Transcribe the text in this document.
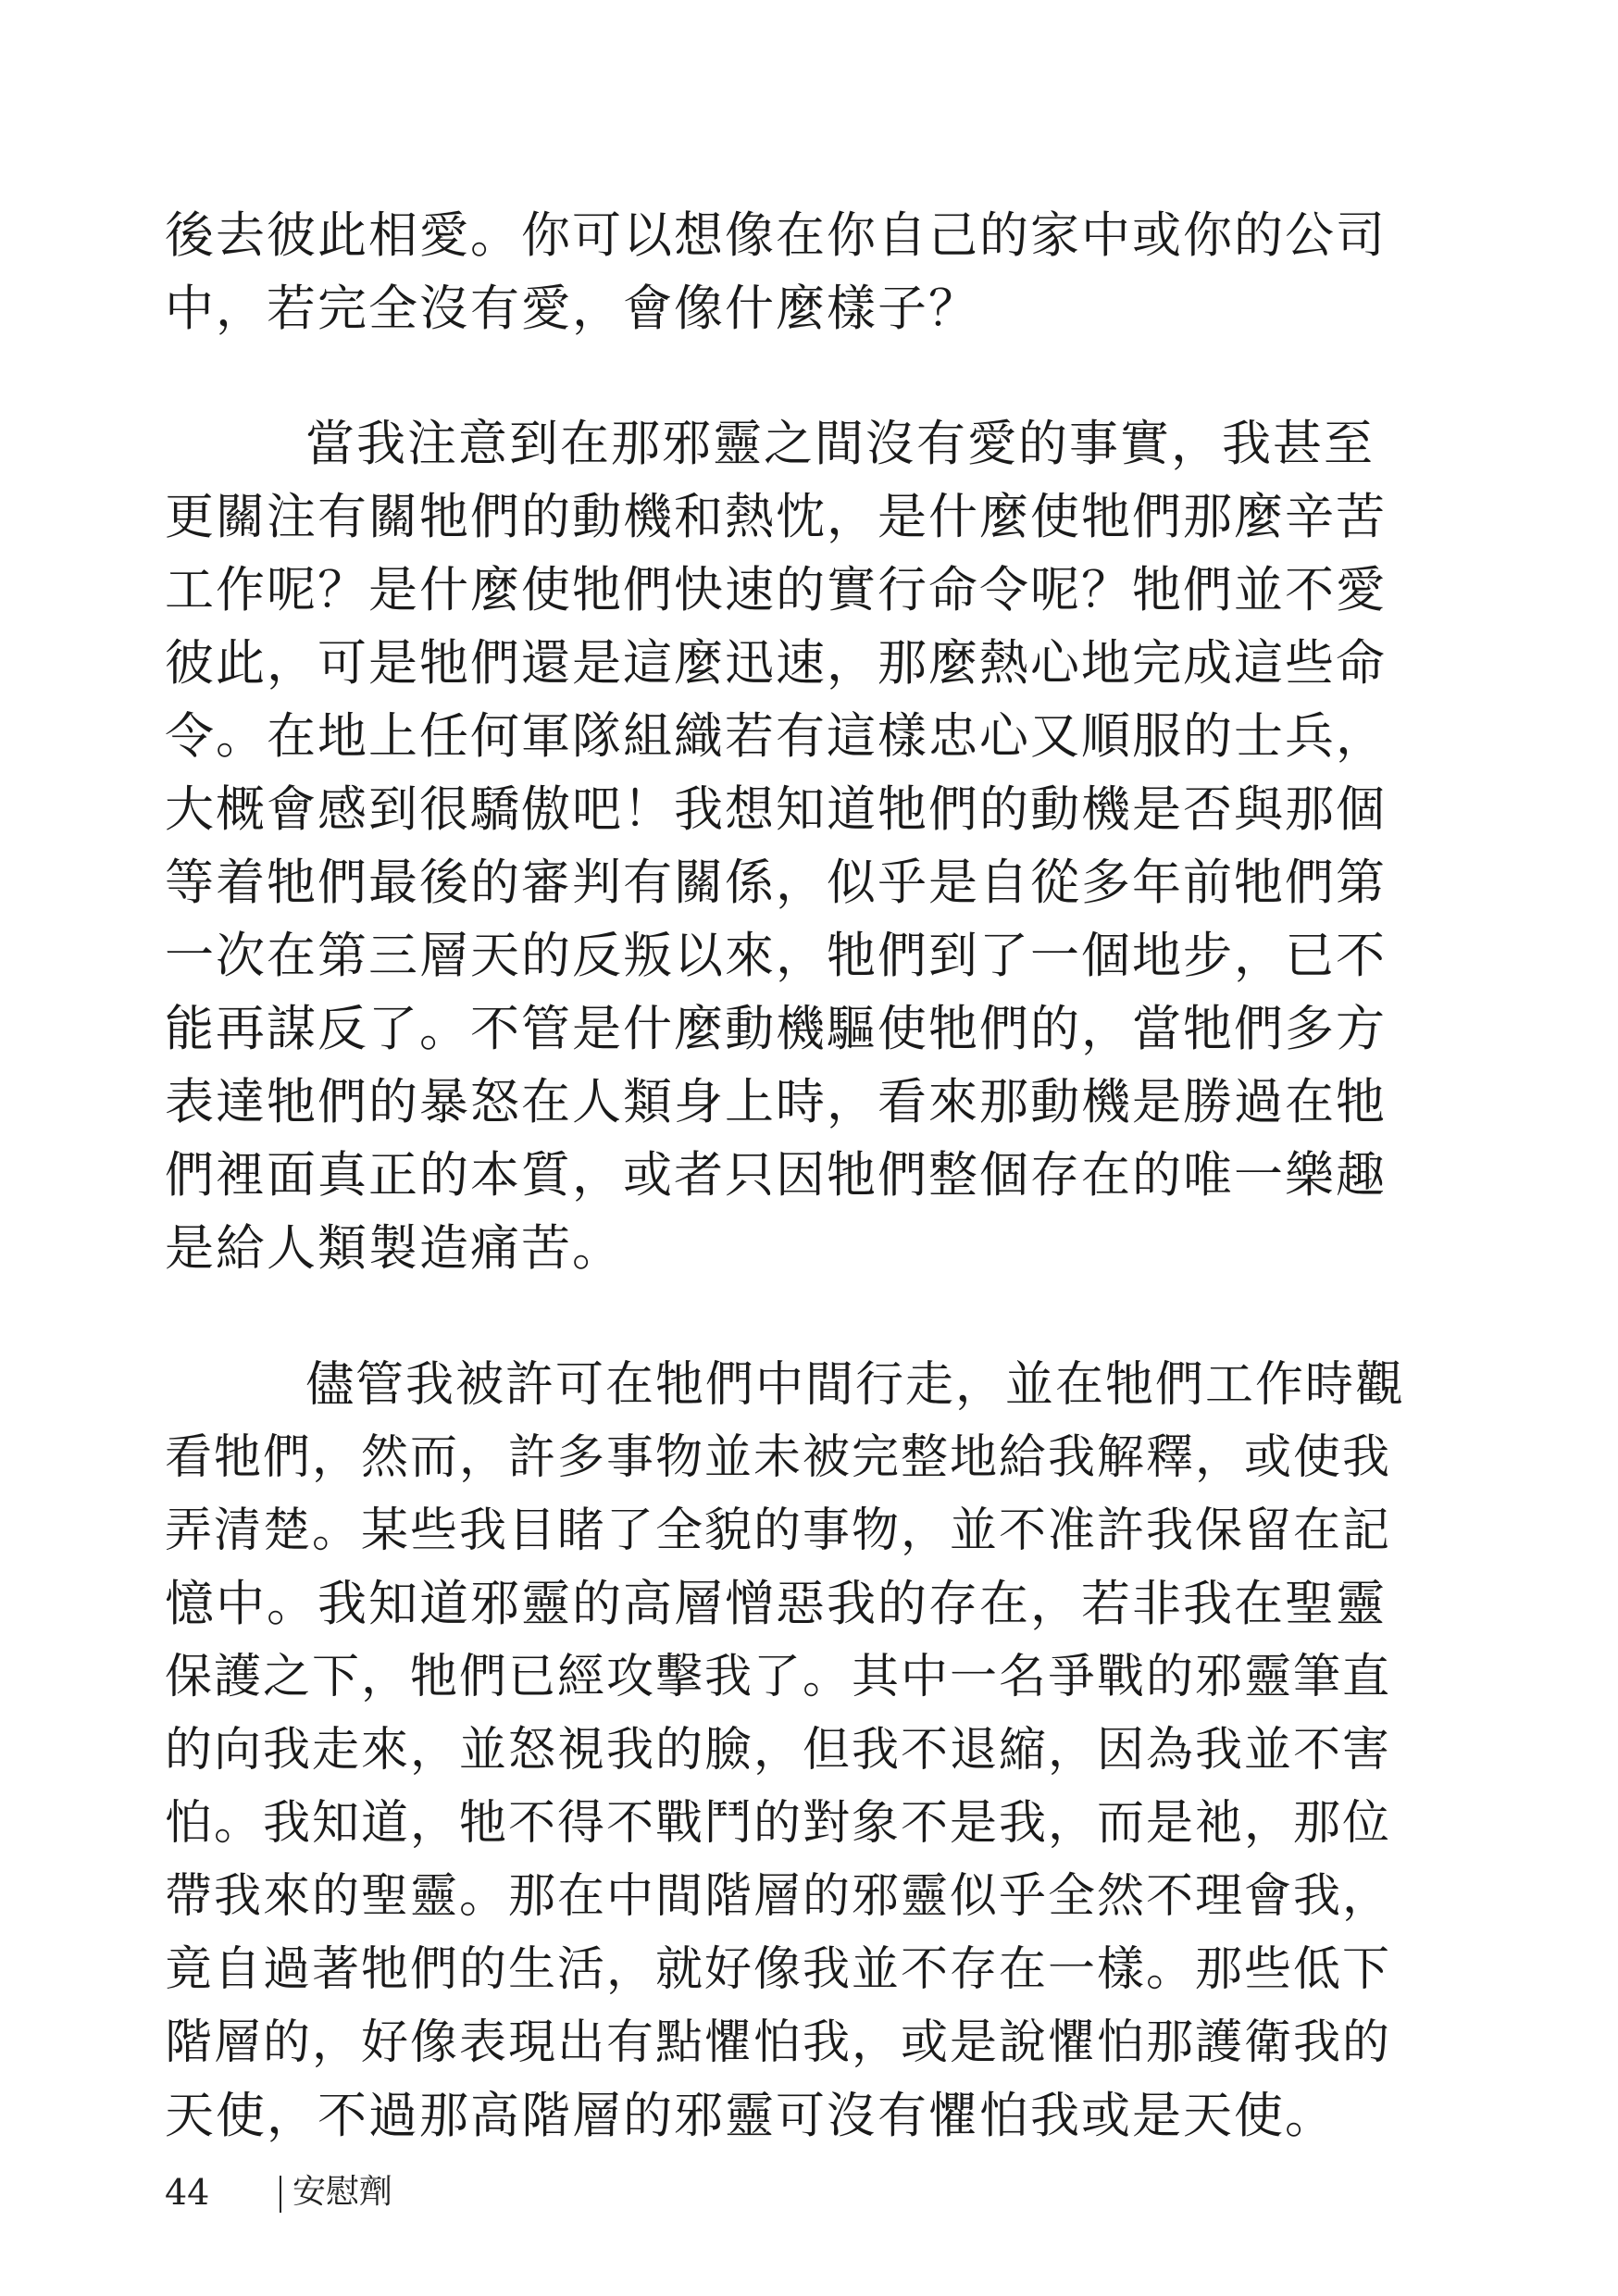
後去彼此相愛。你可以想像在你自己的家中或你的公司
中，若完全沒有愛，會像什麼樣子？
當我注意到在那邪靈之間沒有愛的事實，我甚至
更關注有關牠們的動機和熱忱，是什麼使牠們那麼辛苦
工作呢？是什麼使牠們快速的實行命令呢？牠們並不愛
彼此，可是牠們還是這麼迅速，那麼熱心地完成這些命
令。在地上任何軍隊組織若有這樣忠心又順服的士兵，
大概會感到很驕傲吧！我想知道牠們的動機是否與那個
等着牠們最後的審判有關係，似乎是自從多年前牠們第
一次在第三層天的反叛以來，牠們到了一個地步，已不
能再謀反了。不管是什麼動機驅使牠們的，當牠們多方
表達牠們的暴怒在人類身上時，看來那動機是勝過在牠
們裡面真正的本質，或者只因牠們整個存在的唯一樂趣
是給人類製造痛苦。
儘管我被許可在牠們中間行走，並在牠們工作時觀
看牠們，然而，許多事物並未被完整地給我解釋，或使我
弄清楚。某些我目睹了全貌的事物，並不准許我保留在記
憶中。我知道邪靈的高層憎惡我的存在，若非我在聖靈
保護之下，牠們已經攻擊我了。其中一名爭戰的邪靈筆直
的向我走來，並怒視我的臉，但我不退縮，因為我並不害
怕。我知道，牠不得不戰鬥的對象不是我，而是祂，那位
帶我來的聖靈。那在中間階層的邪靈似乎全然不理會我，
竟自過著牠們的生活，就好像我並不存在一樣。那些低下
階層的，好像表現出有點懼怕我，或是說懼怕那護衛我的
天使，不過那高階層的邪靈可沒有懼怕我或是天使。
44 安慰劑
